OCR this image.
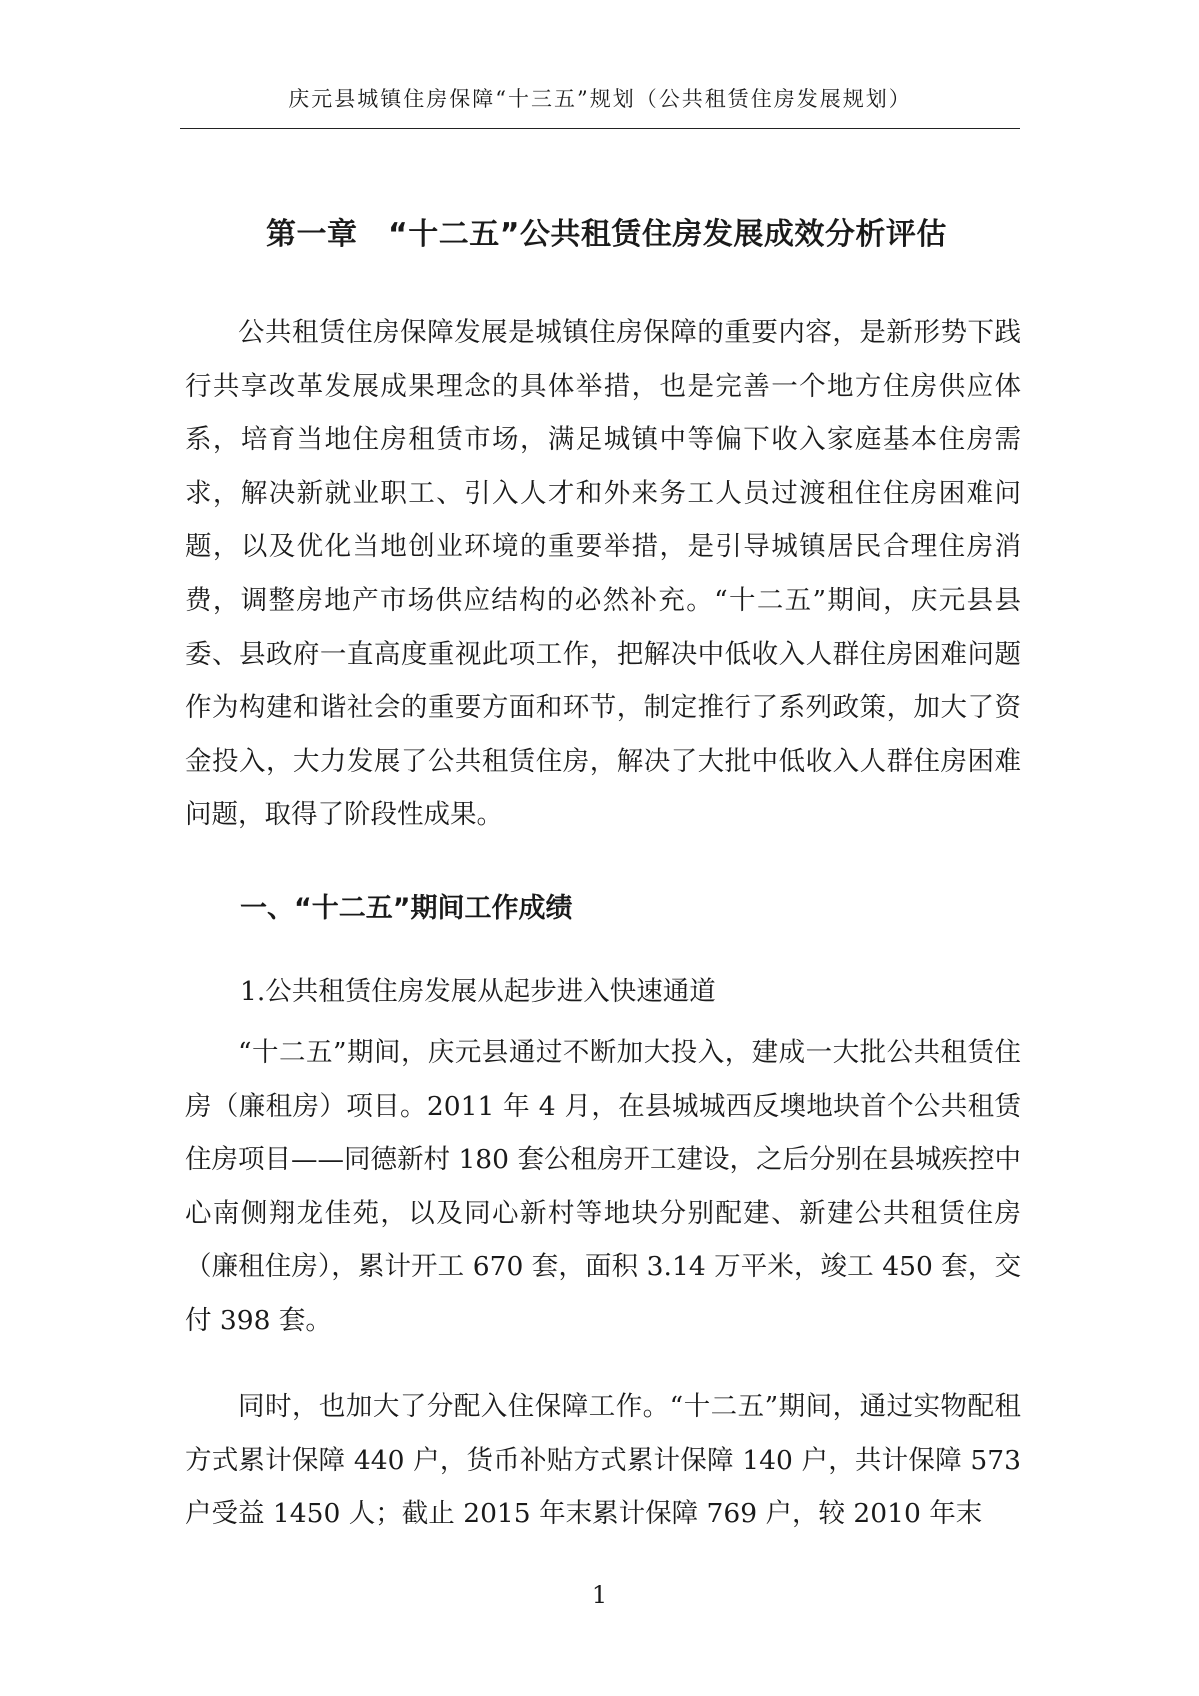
庆元县城镇住房保障“十三五”规划（公共租赁住房发展规划）
第一章　“十二五”公共租赁住房发展成效分析评估

公共租赁住房保障发展是城镇住房保障的重要内容，是新形势下践行共享改革发展成果理念的具体举措，也是完善一个地方住房供应体系，培育当地住房租赁市场，满足城镇中等偏下收入家庭基本住房需求，解决新就业职工、引入人才和外来务工人员过渡租住住房困难问题，以及优化当地创业环境的重要举措，是引导城镇居民合理住房消费，调整房地产市场供应结构的必然补充。“十二五”期间，庆元县县委、县政府一直高度重视此项工作，把解决中低收入人群住房困难问题作为构建和谐社会的重要方面和环节，制定推行了系列政策，加大了资金投入，大力发展了公共租赁住房，解决了大批中低收入人群住房困难问题，取得了阶段性成果。

一、“十二五”期间工作成绩
1.公共租赁住房发展从起步进入快速通道

“十二五”期间，庆元县通过不断加大投入，建成一大批公共租赁住房（廉租房）项目。2011 年 4 月，在县城城西反墺地块首个公共租赁住房项目——同德新村 180 套公租房开工建设，之后分别在县城疾控中心南侧翔龙佳苑，以及同心新村等地块分别配建、新建公共租赁住房（廉租住房），累计开工 670 套，面积 3.14 万平米，竣工 450 套，交付 398 套。

同时，也加大了分配入住保障工作。“十二五”期间，通过实物配租方式累计保障 440 户，货币补贴方式累计保障 140 户，共计保障 573 户受益 1450 人；截止 2015 年末累计保障 769 户，较 2010 年末

1
